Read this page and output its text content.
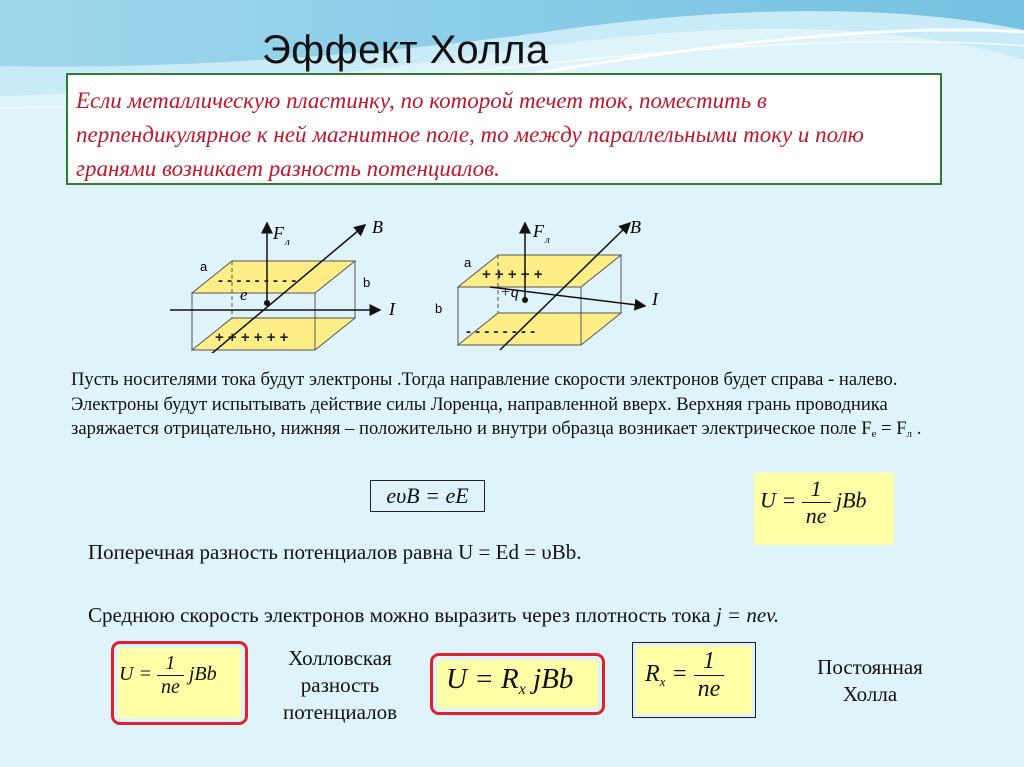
Эффект Холла
Если металлическую пластинку, по которой течет ток, поместить в перпендикулярное к ней магнитное поле, то между параллельными току и полю гранями возникает разность потенциалов.
a
b
I
B
F л
e
- - - - - - - - -
+ + + + + +
a
b	I
B
F л
+q
+ + + + +
- - - - - - - -
Пусть носителями тока будут электроны .Тогда направление скорости электронов будет справа - налево. Электроны будут испытывать действие силы Лоренца, направленной вверх. Верхняя грань проводника заряжается отрицательно, нижняя – положительно и внутри образца возникает электрическое поле $F_е = F_л$ .
eυB = eE	$U = \frac{1}{ne}$ jBb
Поперечная разность потенциалов равна U = Ed = υBb.
Среднюю скорость электронов можно выразить через плотность тока j = nev.
$U = \frac{1}{ne}$ jBb
Холловская
разность
потенциалов
$U = R_x$ jBb	$R_x = \frac{1}{ne}$	Постоянная
Холла
